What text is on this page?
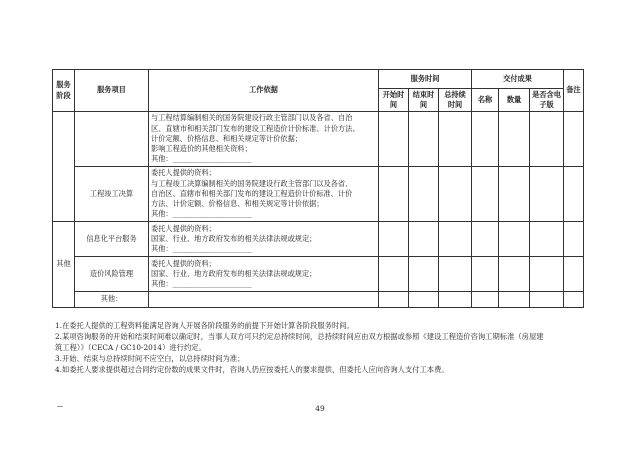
服务阶段	服务项目	工作依据	服务时间			交付成果			备注
			开始时间	结束时间	总持续时间	名称	数量	是否含电子版	

		与工程结算编制相关的国务院建设行政主管部门以及各省、自治
区、直辖市和相关部门发布的建设工程造价计价标准、计价方法、
计价定额、价格信息、和相关规定等计价依据；
影响工程造价的其他相关资料；
其他：______________________							

	工程竣工决算	委托人提供的资料；
与工程竣工决算编制相关的国务院建设行政主管部门以及各省、
自治区、直辖市和相关部门发布的建设工程造价计价标准、计价
方法、计价定额、价格信息、和相关规定等计价依据；
其他：______________________							

其他	信息化平台服务	委托人提供的资料；
国家、行业、地方政府发布的相关法律法规或规定；
其他：______________________							

	造价风险管理	委托人提供的资料；
国家、行业、地方政府发布的相关法律法规或规定；
其他：______________________							

	其他：								
1.在委托人提供的工程资料能满足咨询人开展各阶段服务的前提下开始计算各阶段服务时间。
2.某项咨询服务的开始和结束时间难以确定时，当事人双方可只约定总持续时间，总持续时间应由双方根据或参照《建设工程造价咨询工期标准（房屋建
筑工程）》（CECA / GC10-2014）进行约定。
3.开始、结束与总持续时间不应空白，以总持续时间为准；
4.如委托人要求提供超过合同约定份数的成果文件时，咨询人仍应按委托人的要求提供，但委托人应向咨询人支付工本费。
49
